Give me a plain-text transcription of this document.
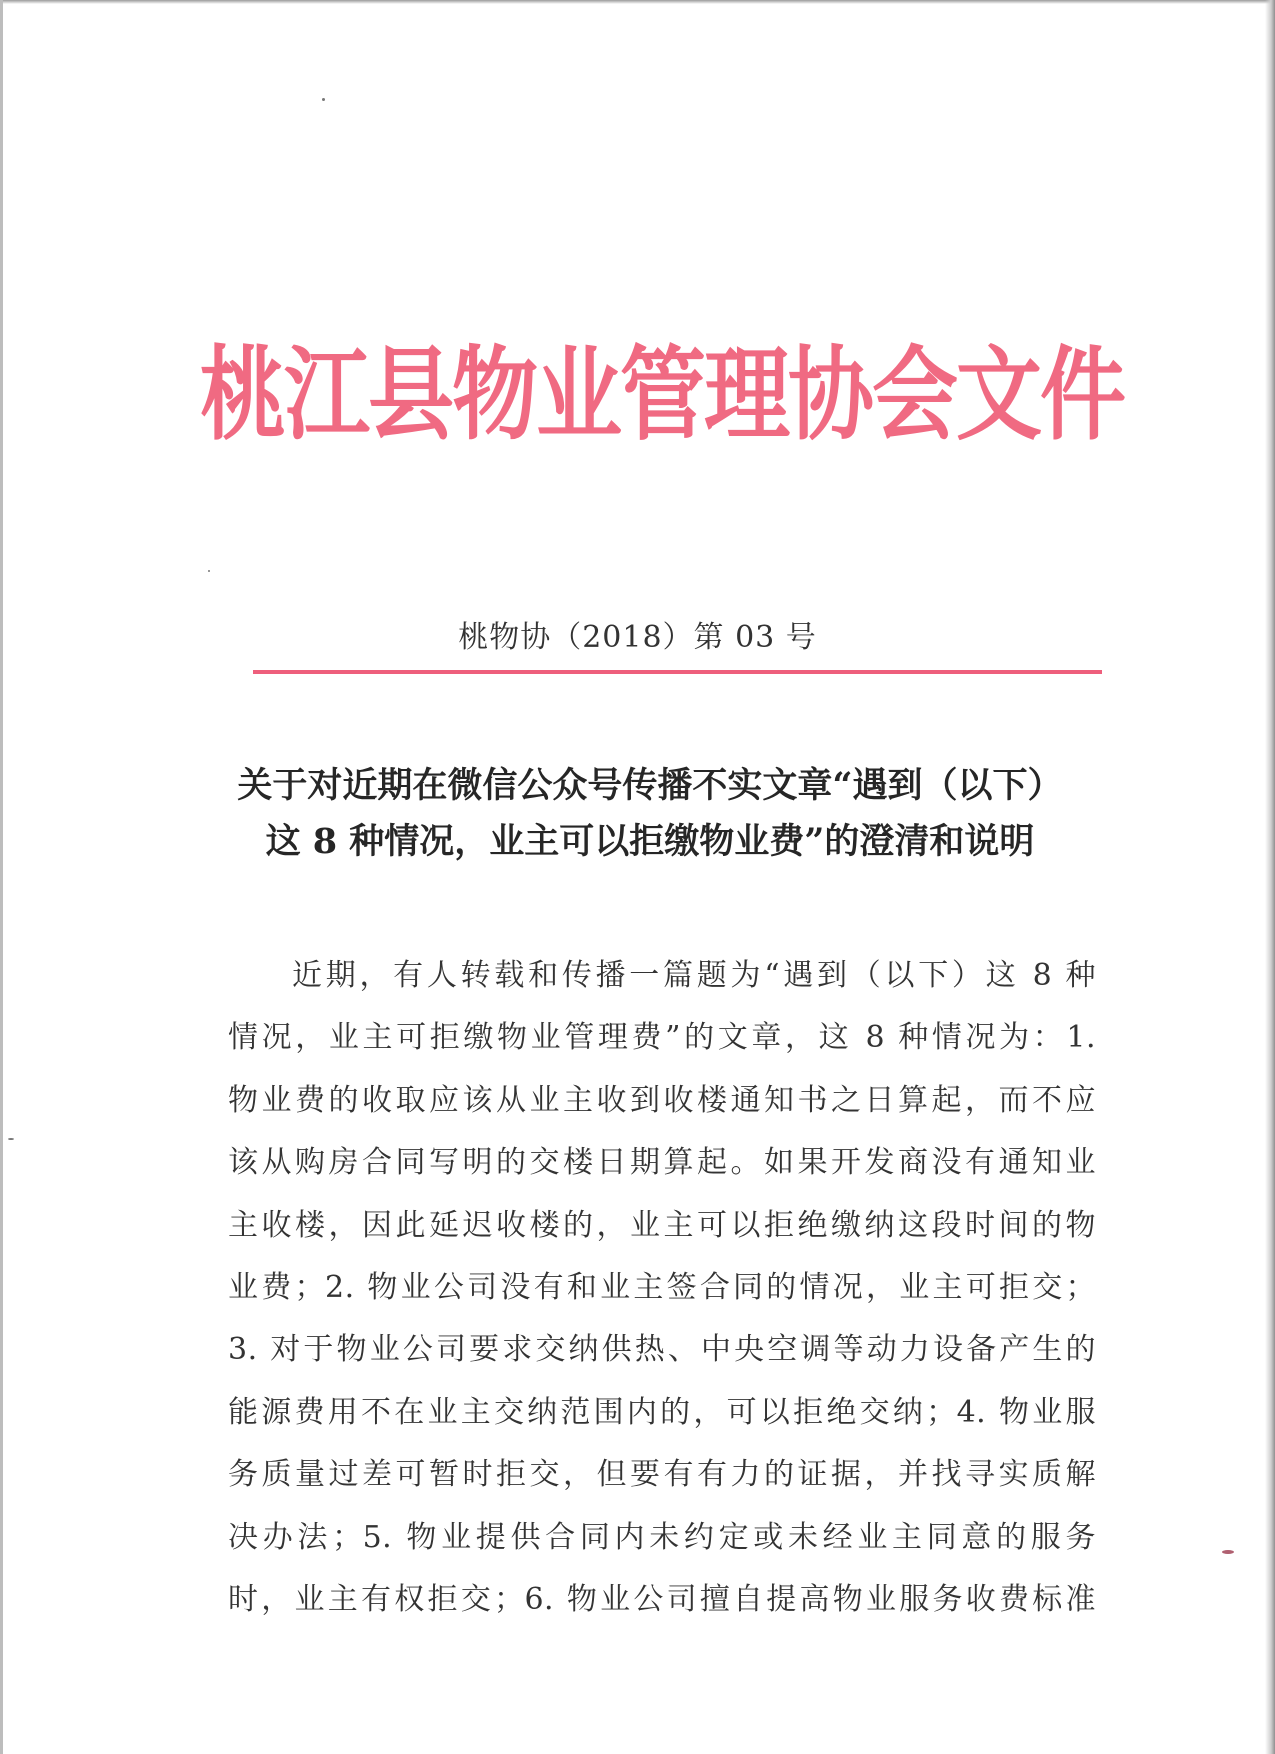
桃江县物业管理协会文件
桃物协（2018）第 03 号
关于对近期在微信公众号传播不实文章“遇到（以下）
这 8 种情况，业主可以拒缴物业费”的澄清和说明
近期，有人转载和传播一篇题为“遇到（以下）这 8 种
情况，业主可拒缴物业管理费”的文章，这 8 种情况为：1.
物业费的收取应该从业主收到收楼通知书之日算起，而不应
该从购房合同写明的交楼日期算起。如果开发商没有通知业
主收楼，因此延迟收楼的，业主可以拒绝缴纳这段时间的物
业费；2. 物业公司没有和业主签合同的情况，业主可拒交；
3. 对于物业公司要求交纳供热、中央空调等动力设备产生的
能源费用不在业主交纳范围内的，可以拒绝交纳；4. 物业服
务质量过差可暂时拒交，但要有有力的证据，并找寻实质解
决办法；5. 物业提供合同内未约定或未经业主同意的服务
时，业主有权拒交；6. 物业公司擅自提高物业服务收费标准
